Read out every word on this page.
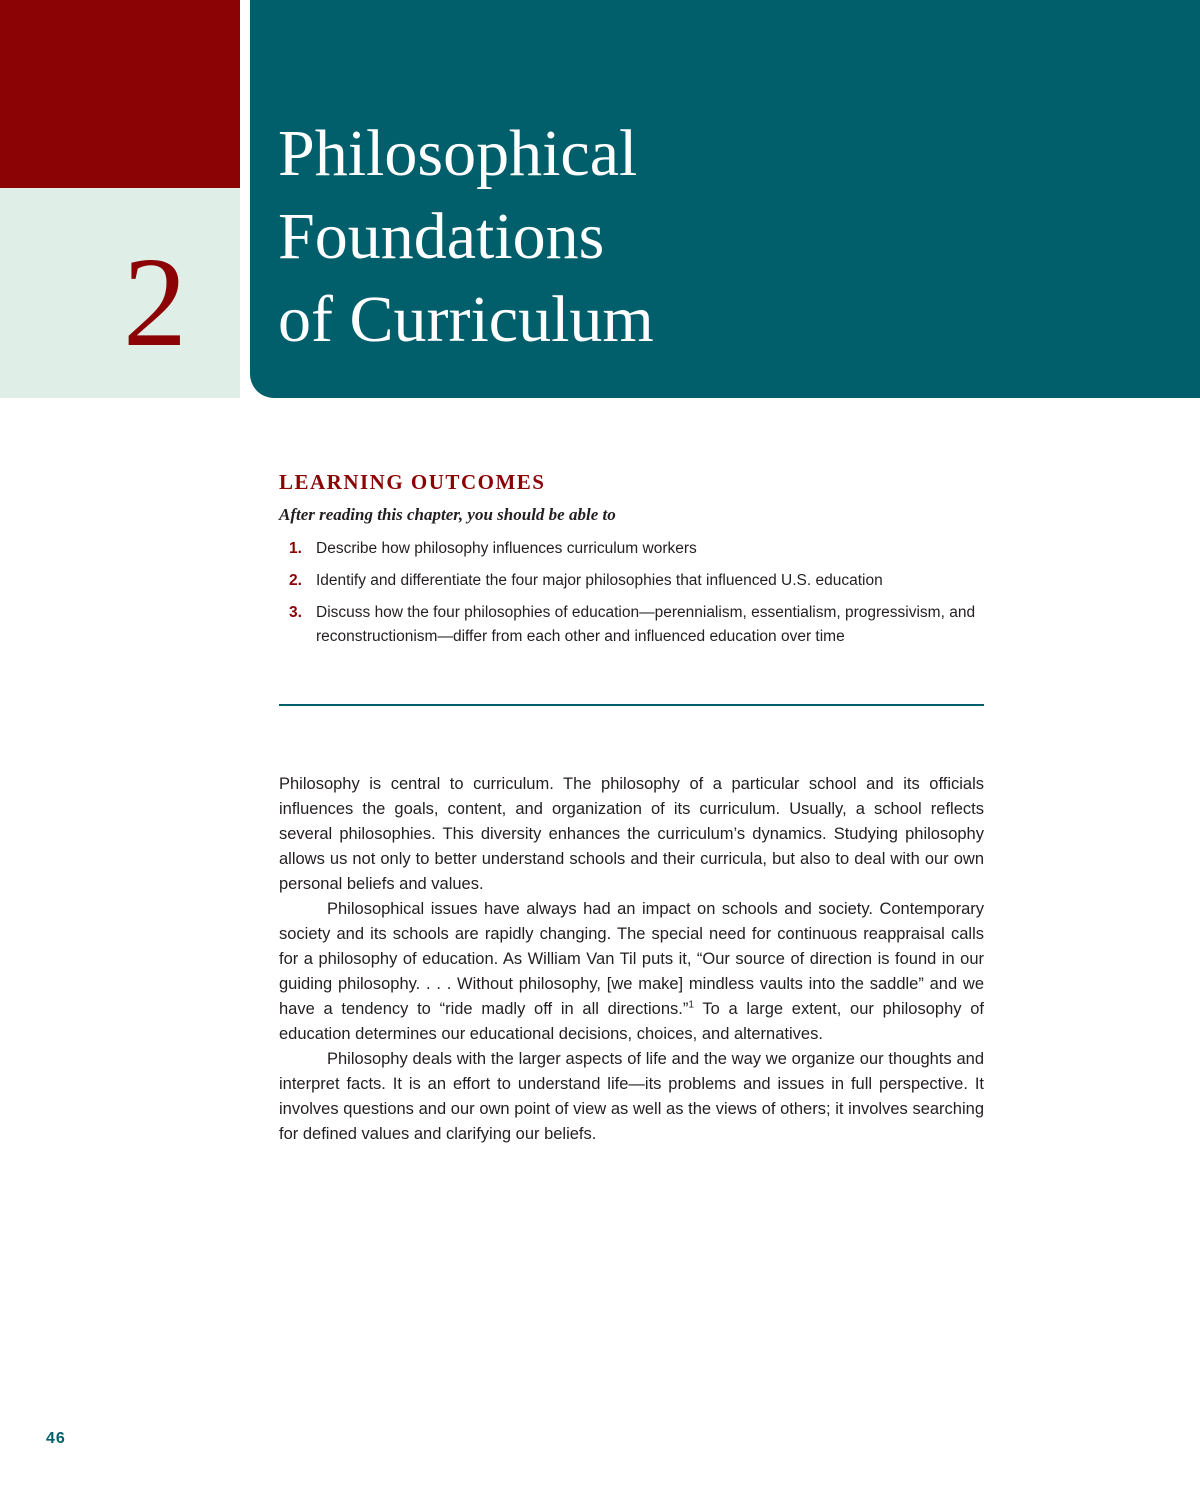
2
Philosophical
Foundations
of Curriculum
LEARNING OUTCOMES
After reading this chapter, you should be able to
1. Describe how philosophy influences curriculum workers
2. Identify and differentiate the four major philosophies that influenced U.S. education
3. Discuss how the four philosophies of education—perennialism, essentialism, progressivism, and reconstructionism—differ from each other and influenced education over time

Philosophy is central to curriculum. The philosophy of a particular school and its officials influences the goals, content, and organization of its curriculum. Usually, a school reflects several philosophies. This diversity enhances the curriculum’s dynamics. Studying philosophy allows us not only to better understand schools and their curricula, but also to deal with our own personal beliefs and values.

Philosophical issues have always had an impact on schools and society. Contemporary society and its schools are rapidly changing. The special need for continuous reappraisal calls for a philosophy of education. As William Van Til puts it, “Our source of direction is found in our guiding philosophy. . . . Without philosophy, [we make] mindless vaults into the saddle” and we have a tendency to “ride madly off in all directions.”$^1$ To a large extent, our philosophy of education determines our educational decisions, choices, and alternatives.

Philosophy deals with the larger aspects of life and the way we organize our thoughts and interpret facts. It is an effort to understand life—its problems and issues in full perspective. It involves questions and our own point of view as well as the views of others; it involves searching for defined values and clarifying our beliefs.

46
